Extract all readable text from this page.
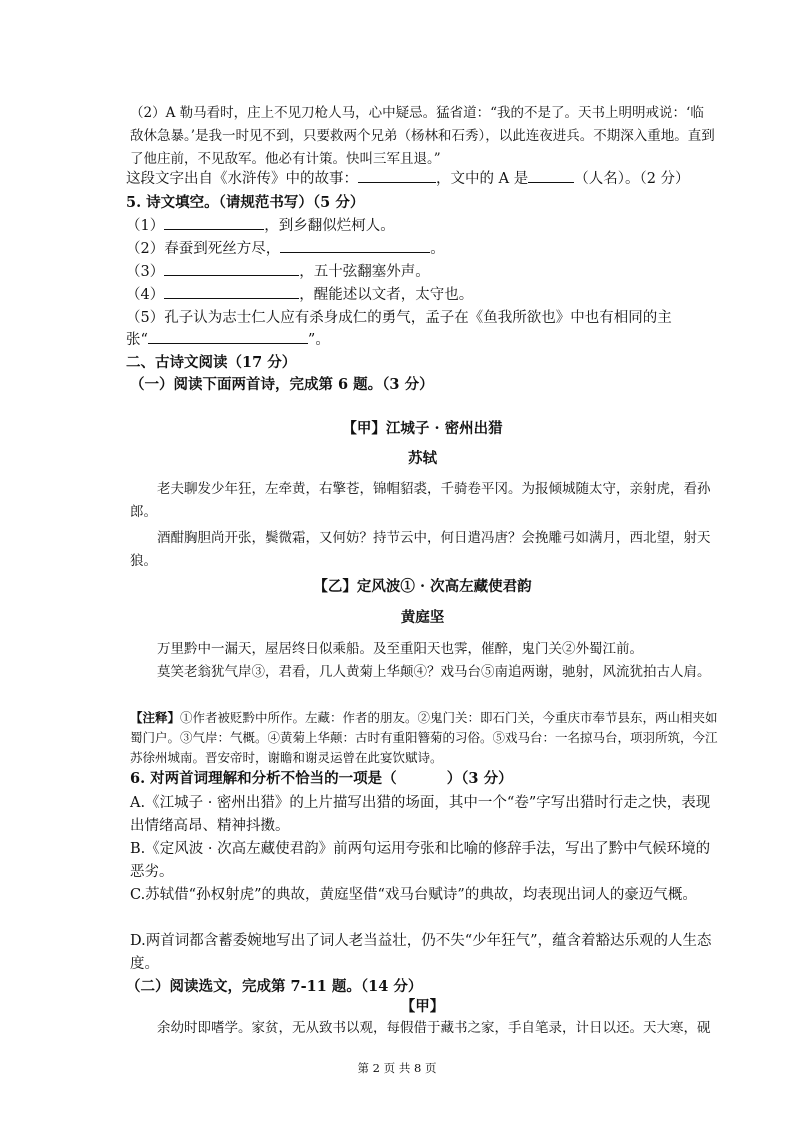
（2）A 勒马看时，庄上不见刀枪人马，心中疑忌。猛省道：“我的不是了。天书上明明戒说：‘临敌休急暴。’是我一时见不到，只要救两个兄弟（杨林和石秀），以此连夜进兵。不期深入重地。直到了他庄前，不见敌军。他必有计策。快叫三军且退。”
这段文字出自《水浒传》中的故事：	，文中的 A 是	（人名）。（2 分）
5. 诗文填空。（请规范书写）（5 分）
（1）	，到乡翻似烂柯人。
（2）春蚕到死丝方尽，	。
（3）	，五十弦翻塞外声。
（4）	，醒能述以文者，太守也。
（5）孔子认为志士仁人应有杀身成仁的勇气，孟子在《鱼我所欲也》中也有相同的主
张“	”。
二、古诗文阅读（17 分）
（一）阅读下面两首诗，完成第 6 题。（3 分）
【甲】江城子 · 密州出猎
苏轼
老夫聊发少年狂，左牵黄，右擎苍，锦帽貂裘，千骑卷平冈。为报倾城随太守，亲射虎，看孙郎。
酒酣胸胆尚开张，鬓微霜，又何妨？持节云中，何日遣冯唐？会挽雕弓如满月，西北望，射天狼。
【乙】定风波① · 次高左藏使君韵
黄庭坚
万里黔中一漏天，屋居终日似乘船。及至重阳天也霁，催醉，鬼门关②外蜀江前。
莫笑老翁犹气岸③，君看，几人黄菊上华颠④？戏马台⑤南追两谢，驰射，风流犹拍古人肩。
【注释】①作者被贬黔中所作。左藏：作者的朋友。②鬼门关：即石门关，今重庆市奉节县东，两山相夹如蜀门户。③气岸：气概。④黄菊上华颠：古时有重阳簪菊的习俗。⑤戏马台：一名掠马台，项羽所筑，今江苏徐州城南。晋安帝时，谢瞻和谢灵运曾在此宴饮赋诗。
6. 对两首词理解和分析不恰当的一项是（	）（3 分）
A.《江城子 · 密州出猎》的上片描写出猎的场面，其中一个“卷”字写出猎时行走之快，表现出情绪高昂、精神抖擞。
B.《定风波 · 次高左藏使君韵》前两句运用夸张和比喻的修辞手法，写出了黔中气候环境的恶劣。
C.苏轼借“孙权射虎”的典故，黄庭坚借“戏马台赋诗”的典故，均表现出词人的豪迈气概。
D.两首词都含蓄委婉地写出了词人老当益壮，仍不失“少年狂气”，蕴含着豁达乐观的人生态度。
（二）阅读选文，完成第 7-11 题。（14 分）
【甲】
余幼时即嗜学。家贫，无从致书以观，每假借于藏书之家，手自笔录，计日以还。天大寒，砚
第 2 页 共 8 页
